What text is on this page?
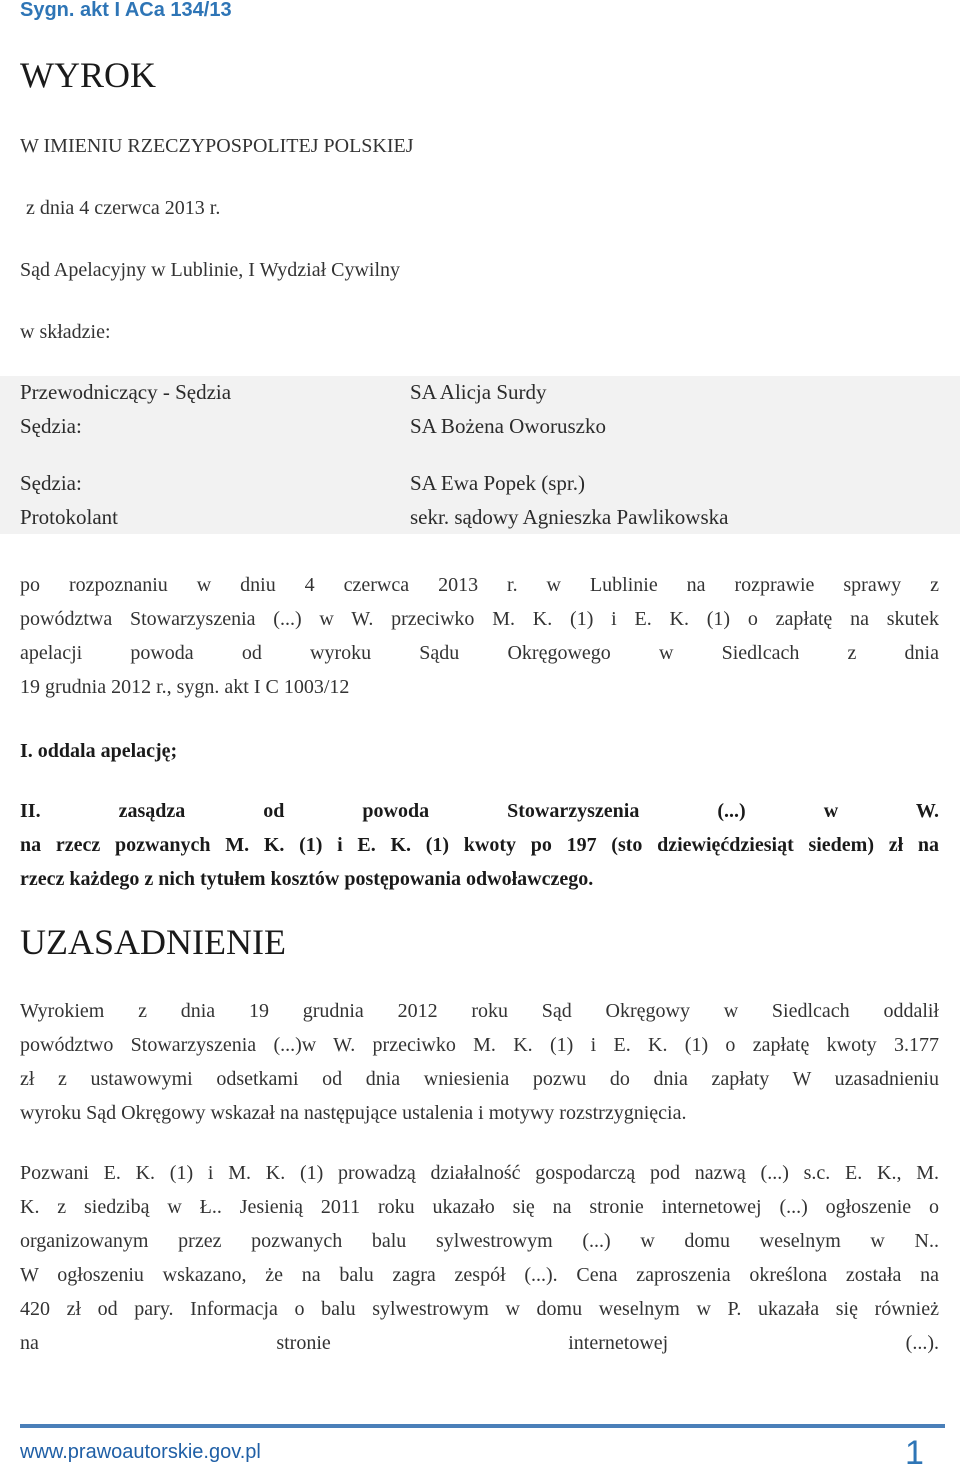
Sygn. akt I ACa 134/13
WYROK
W IMIENIU RZECZYPOSPOLITEJ POLSKIEJ
z dnia 4 czerwca 2013 r.
Sąd Apelacyjny w Lublinie, I Wydział Cywilny
w składzie:
Przewodniczący - Sędzia
Sędzia:
Sędzia:
Protokolant
SA Alicja Surdy
SA Bożena Oworuszko
SA Ewa Popek (spr.)
sekr. sądowy Agnieszka Pawlikowska
po rozpoznaniu w dniu 4 czerwca 2013 r. w Lublinie na rozprawie sprawy z
powództwa Stowarzyszenia (...) w W. przeciwko M. K. (1) i E. K. (1) o zapłatę na skutek
apelacji powoda od wyroku Sądu Okręgowego w Siedlcach z dnia
19 grudnia 2012 r., sygn. akt I C 1003/12
I. oddala apelację;
II. zasądza od powoda Stowarzyszenia (...) w W.
na rzecz pozwanych M. K. (1) i E. K. (1) kwoty po 197 (sto dziewięćdziesiąt siedem) zł na
rzecz każdego z nich tytułem kosztów postępowania odwoławczego.
UZASADNIENIE
Wyrokiem z dnia 19 grudnia 2012 roku Sąd Okręgowy w Siedlcach oddalił
powództwo Stowarzyszenia (...)w W. przeciwko M. K. (1) i E. K. (1) o zapłatę kwoty 3.177
zł z ustawowymi odsetkami od dnia wniesienia pozwu do dnia zapłaty W uzasadnieniu
wyroku Sąd Okręgowy wskazał na następujące ustalenia i motywy rozstrzygnięcia.
Pozwani E. K. (1) i M. K. (1) prowadzą działalność gospodarczą pod nazwą (...) s.c. E. K., M.
K. z siedzibą w Ł.. Jesienią 2011 roku ukazało się na stronie internetowej (...) ogłoszenie o
organizowanym przez pozwanych balu sylwestrowym (...) w domu weselnym w N..
W ogłoszeniu wskazano, że na balu zagra zespół (...). Cena zaproszenia określona została na
420 zł od pary. Informacja o balu sylwestrowym w domu weselnym w P. ukazała się również
na stronie internetowej (...).
www.prawoautorskie.gov.pl	1
